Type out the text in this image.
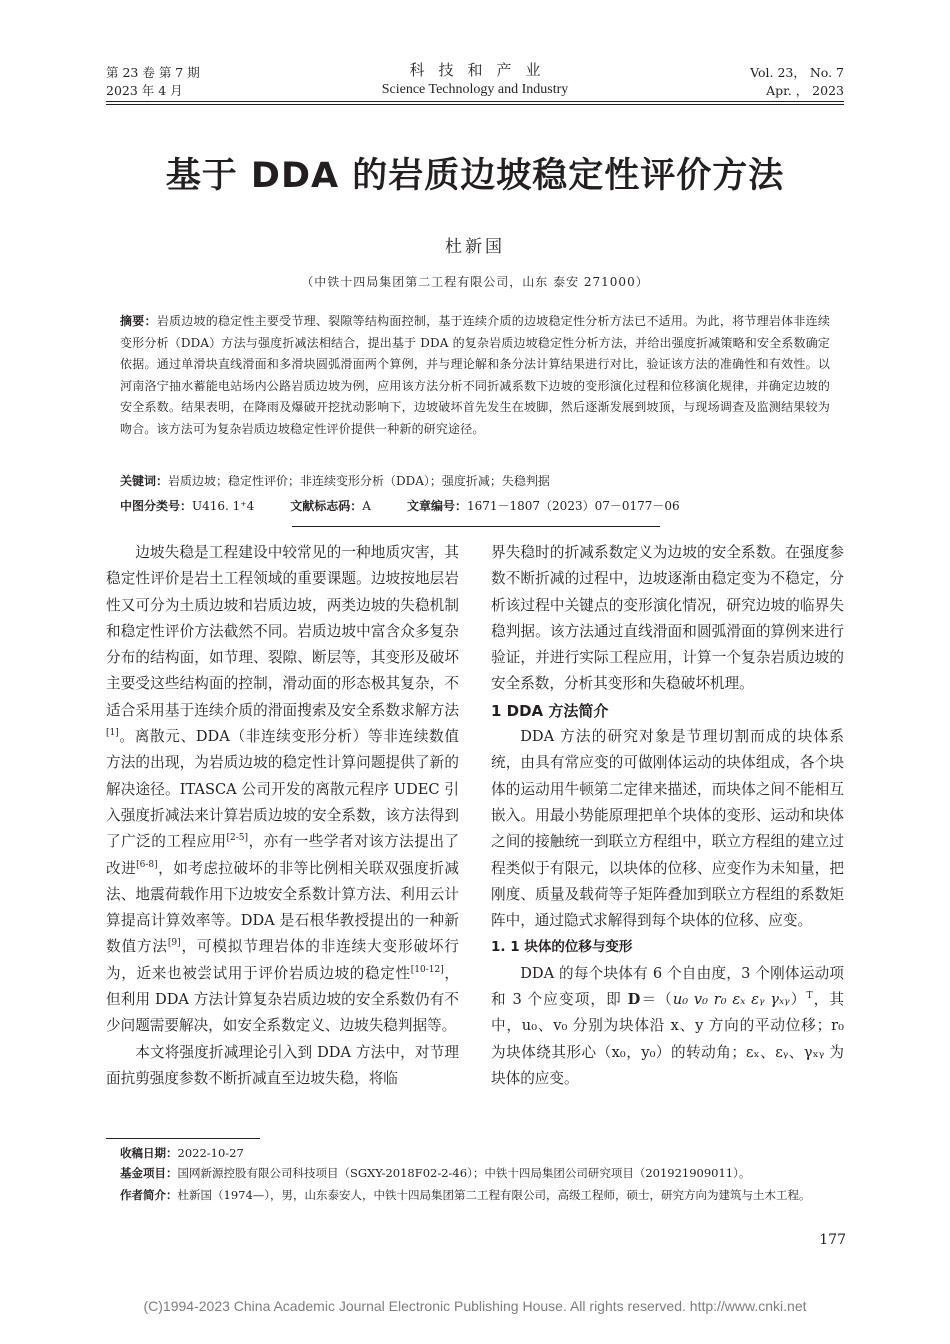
第 23 卷 第 7 期
2023 年 4 月
科技和产业
Science Technology and Industry
Vol. 23， No. 7
Apr. ， 2023
基于 DDA 的岩质边坡稳定性评价方法
杜新国
（中铁十四局集团第二工程有限公司，山东 泰安 271000）
摘要：岩质边坡的稳定性主要受节理、裂隙等结构面控制，基于连续介质的边坡稳定性分析方法已不适用。为此，将节理岩体非连续变形分析（DDA）方法与强度折减法相结合，提出基于 DDA 的复杂岩质边坡稳定性分析方法，并给出强度折减策略和安全系数确定依据。通过单滑块直线滑面和多滑块圆弧滑面两个算例，并与理论解和条分法计算结果进行对比，验证该方法的准确性和有效性。以河南洛宁抽水蓄能电站场内公路岩质边坡为例，应用该方法分析不同折减系数下边坡的变形演化过程和位移演化规律，并确定边坡的安全系数。结果表明，在降雨及爆破开挖扰动影响下，边坡破坏首先发生在坡脚，然后逐渐发展到坡顶，与现场调查及监测结果较为吻合。该方法可为复杂岩质边坡稳定性评价提供一种新的研究途径。
关键词：岩质边坡；稳定性评价；非连续变形分析（DDA）；强度折减；失稳判据
中图分类号：U416. 1⁺4	文献标志码：A	文章编号：1671－1807（2023）07－0177－06

边坡失稳是工程建设中较常见的一种地质灾害，其稳定性评价是岩土工程领域的重要课题。边坡按地层岩性又可分为土质边坡和岩质边坡，两类边坡的失稳机制和稳定性评价方法截然不同。岩质边坡中富含众多复杂分布的结构面，如节理、裂隙、断层等，其变形及破坏主要受这些结构面的控制，滑动面的形态极其复杂，不适合采用基于连续介质的滑面搜索及安全系数求解方法[1]。离散元、DDA（非连续变形分析）等非连续数值方法的出现，为岩质边坡的稳定性计算问题提供了新的解决途径。ITASCA 公司开发的离散元程序 UDEC 引入强度折减法来计算岩质边坡的安全系数，该方法得到了广泛的工程应用[2-5]，亦有一些学者对该方法提出了改进[6-8]，如考虑拉破坏的非等比例相关联双强度折减法、地震荷载作用下边坡安全系数计算方法、利用云计算提高计算效率等。DDA 是石根华教授提出的一种新数值方法[9]，可模拟节理岩体的非连续大变形破坏行为，近来也被尝试用于评价岩质边坡的稳定性[10-12]，但利用 DDA 方法计算复杂岩质边坡的安全系数仍有不少问题需要解决，如安全系数定义、边坡失稳判据等。

本文将强度折减理论引入到 DDA 方法中，对节理面抗剪强度参数不断折减直至边坡失稳，将临

界失稳时的折减系数定义为边坡的安全系数。在强度参数不断折减的过程中，边坡逐渐由稳定变为不稳定，分析该过程中关键点的变形演化情况，研究边坡的临界失稳判据。该方法通过直线滑面和圆弧滑面的算例来进行验证，并进行实际工程应用，计算一个复杂岩质边坡的安全系数，分析其变形和失稳破坏机理。

1 DDA 方法简介

DDA 方法的研究对象是节理切割而成的块体系统，由具有常应变的可做刚体运动的块体组成，各个块体的运动用牛顿第二定律来描述，而块体之间不能相互嵌入。用最小势能原理把单个块体的变形、运动和块体之间的接触统一到联立方程组中，联立方程组的建立过程类似于有限元，以块体的位移、应变作为未知量，把刚度、质量及载荷等子矩阵叠加到联立方程组的系数矩阵中，通过隐式求解得到每个块体的位移、应变。

1. 1 块体的位移与变形

DDA 的每个块体有 6 个自由度，3 个刚体运动项和 3 个应变项，即 D＝（u₀ v₀ r₀ εₓ εᵧ γₓᵧ）$^T$，其中，u₀、v₀ 分别为块体沿 x、y 方向的平动位移；r₀ 为块体绕其形心（x₀，y₀）的转动角；εₓ、εᵧ、γₓᵧ 为块体的应变。

收稿日期：2022-10-27
基金项目：国网新源控股有限公司科技项目（SGXY-2018F02-2-46）；中铁十四局集团公司研究项目（201921909011）。
作者简介：杜新国（1974—），男，山东泰安人，中铁十四局集团第二工程有限公司，高级工程师，硕士，研究方向为建筑与土木工程。
177
(C)1994-2023 China Academic Journal Electronic Publishing House. All rights reserved. http://www.cnki.net
